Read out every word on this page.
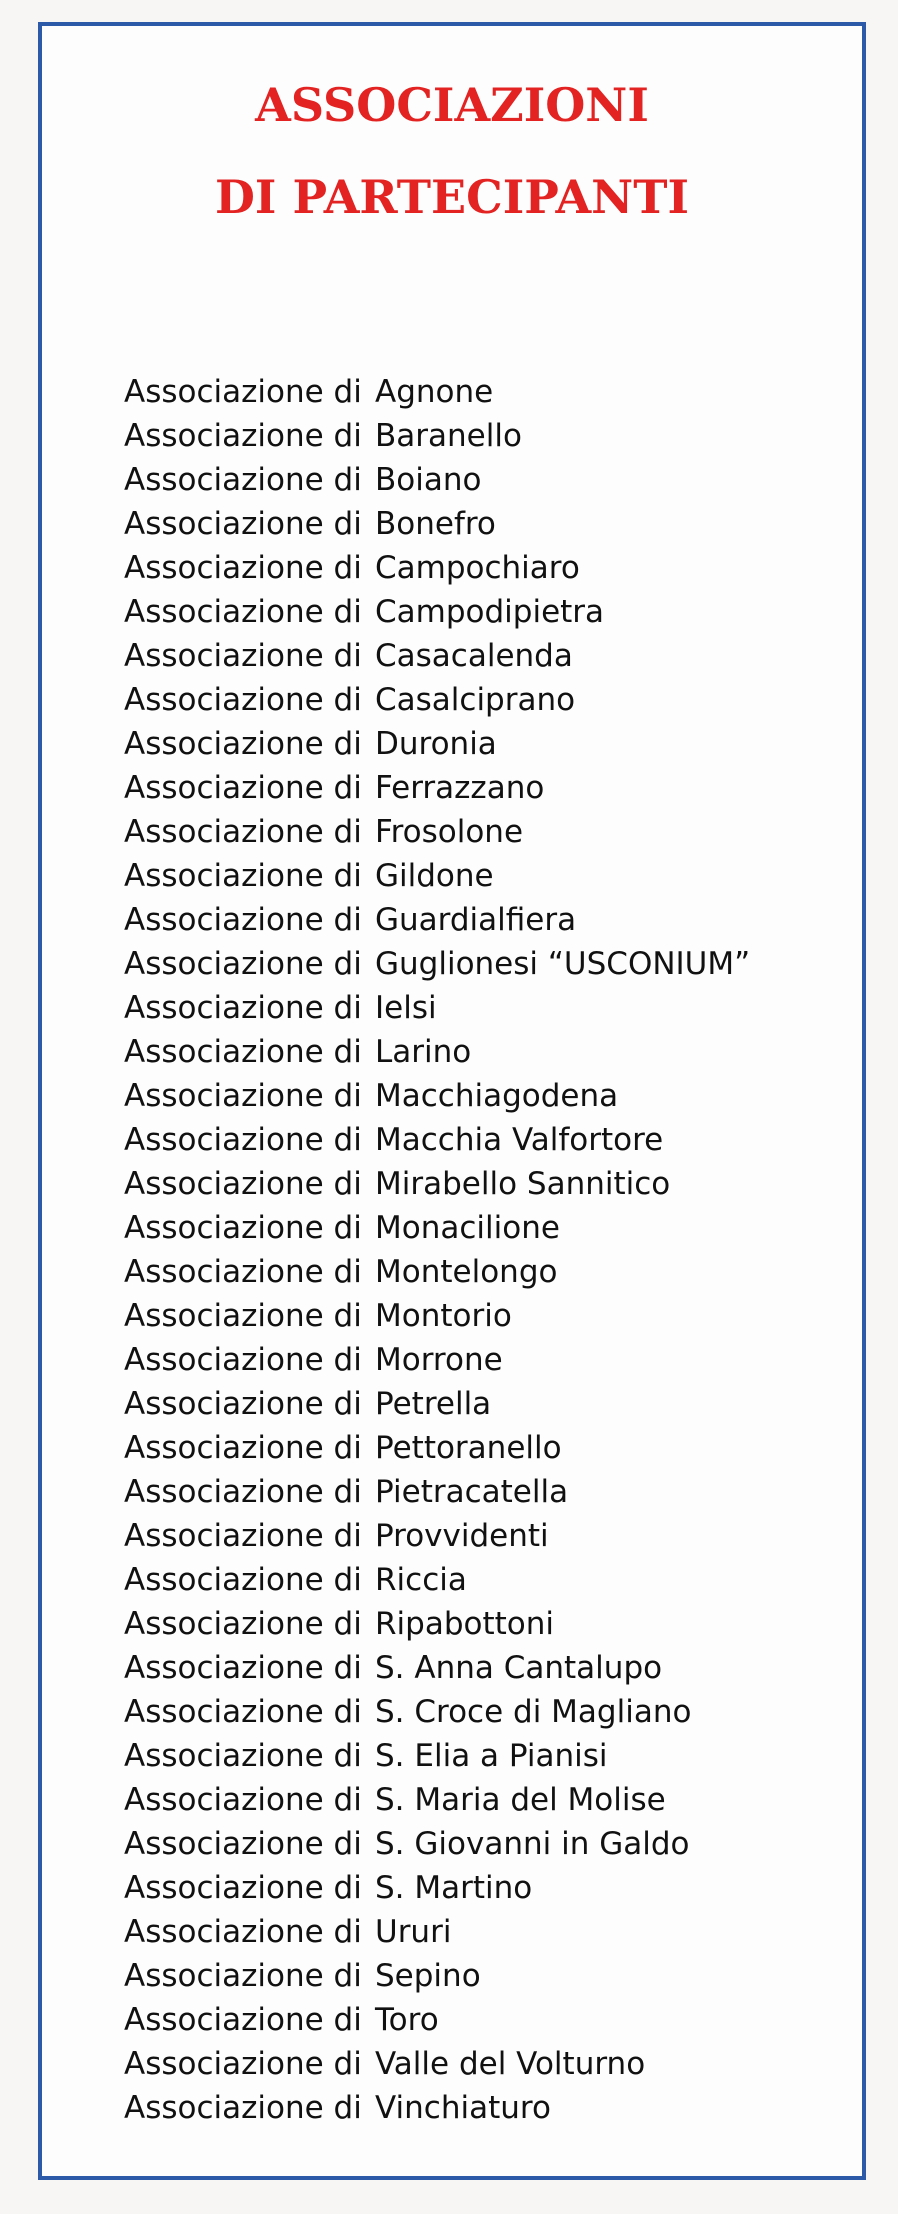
ASSOCIAZIONI
DI PARTECIPANTI
Associazione di Agnone
Associazione di Baranello
Associazione di Boiano
Associazione di Bonefro
Associazione di Campochiaro
Associazione di Campodipietra
Associazione di Casacalenda
Associazione di Casalciprano
Associazione di Duronia
Associazione di Ferrazzano
Associazione di Frosolone
Associazione di Gildone
Associazione di Guardialfiera
Associazione di Guglionesi “USCONIUM”
Associazione di Ielsi
Associazione di Larino
Associazione di Macchiagodena
Associazione di Macchia Valfortore
Associazione di Mirabello Sannitico
Associazione di Monacilione
Associazione di Montelongo
Associazione di Montorio
Associazione di Morrone
Associazione di Petrella
Associazione di Pettoranello
Associazione di Pietracatella
Associazione di Provvidenti
Associazione di Riccia
Associazione di Ripabottoni
Associazione di S. Anna Cantalupo
Associazione di S. Croce di Magliano
Associazione di S. Elia a Pianisi
Associazione di S. Maria del Molise
Associazione di S. Giovanni in Galdo
Associazione di S. Martino
Associazione di Ururi
Associazione di Sepino
Associazione di Toro
Associazione di Valle del Volturno
Associazione di Vinchiaturo
